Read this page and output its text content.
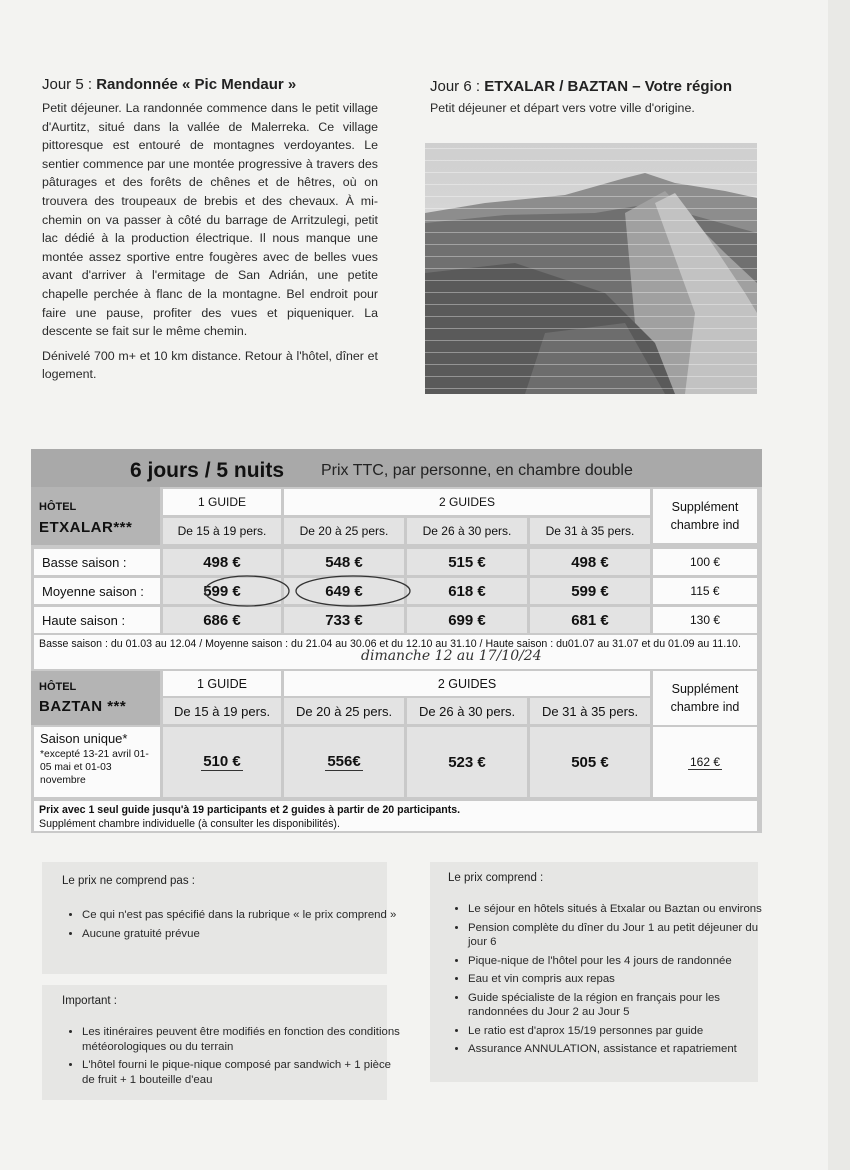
Jour 5 : Randonnée « Pic Mendaur »

Petit déjeuner. La randonnée commence dans le petit village d'Aurtitz, situé dans la vallée de Malerreka. Ce village pittoresque est entouré de montagnes verdoyantes. Le sentier commence par une montée progressive à travers des pâturages et des forêts de chênes et de hêtres, où on trouvera des troupeaux de brebis et des chevaux. À mi-chemin on va passer à côté du barrage de Arritzulegi, petit lac dédié à la production électrique. Il nous manque une montée assez sportive entre fougères avec de belles vues avant d'arriver à l'ermitage de San Adrián, une petite chapelle perchée à flanc de la montagne. Bel endroit pour faire une pause, profiter des vues et piqueniquer. La descente se fait sur le même chemin.

Dénivelé 700 m+ et 10 km distance. Retour à l'hôtel, dîner et logement.

Jour 6 : ETXALAR / BAZTAN – Votre région

Petit déjeuner et départ vers votre ville d'origine.

6 jours / 5 nuits Prix TTC, par personne, en chambre double
HÔTEL
ETXALAR***
1 GUIDE	2 GUIDES	Supplément chambre ind
De 15 à 19 pers.	De 20 à 25 pers.	De 26 à 30 pers.	De 31 à 35 pers.
Basse saison :	498 €	548 €	515 €	498 €	100 €
Moyenne saison :	599 €	649 €	618 €	599 €	115 €
Haute saison :	686 €	733 €	699 €	681 €	130 €
Basse saison : du 01.03 au 12.04 / Moyenne saison : du 21.04 au 30.06 et du 12.10 au 31.10 / Haute saison : du01.07 au 31.07 et du 01.09 au 11.10.
dimanche 12 au 17/10/24
HÔTEL
BAZTAN ***
1 GUIDE	2 GUIDES	Supplément chambre ind
De 15 à 19 pers.	De 20 à 25 pers.	De 26 à 30 pers.	De 31 à 35 pers.
Saison unique*
*excepté 13-21 avril 01-05 mai et 01-03 novembre
510 €	556€	523 €	505 €	162 €
Prix avec 1 seul guide jusqu'à 19 participants et 2 guides à partir de 20 participants.
Supplément chambre individuelle (à consulter les disponibilités).
Le prix ne comprend pas :
• Ce qui n'est pas spécifié dans la rubrique « le prix comprend »
• Aucune gratuité prévue
Important :
• Les itinéraires peuvent être modifiés en fonction des conditions météorologiques ou du terrain
• L'hôtel fourni le pique-nique composé par sandwich + 1 pièce de fruit + 1 bouteille d'eau
Le prix comprend :
• Le séjour en hôtels situés à Etxalar ou Baztan ou environs
• Pension complète du dîner du Jour 1 au petit déjeuner du jour 6
• Pique-nique de l'hôtel pour les 4 jours de randonnée
• Eau et vin compris aux repas
• Guide spécialiste de la région en français pour les randonnées du Jour 2 au Jour 5
• Le ratio est d'aprox 15/19 personnes par guide
• Assurance ANNULATION, assistance et rapatriement
